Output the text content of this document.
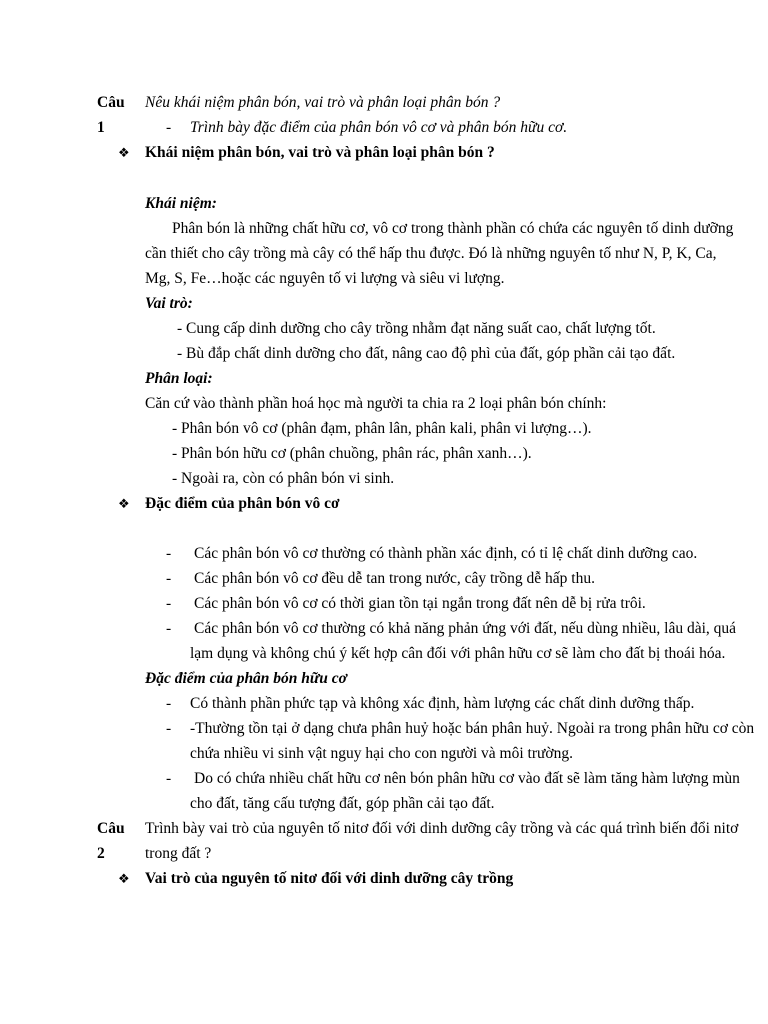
Câu
1
Nêu khái niệm phân bón, vai trò và phân loại phân bón ?
- Trình bày đặc điểm của phân bón vô cơ và phân bón hữu cơ.
❖ Khái niệm phân bón, vai trò và phân loại phân bón ?
Khái niệm:
Phân bón là những chất hữu cơ, vô cơ trong thành phần có chứa các nguyên tố dinh dưỡng
cần thiết cho cây trồng mà cây có thể hấp thu được. Đó là những nguyên tố như N, P, K, Ca,
Mg, S, Fe…hoặc các nguyên tố vi lượng và siêu vi lượng.
Vai trò:
- Cung cấp dinh dưỡng cho cây trồng nhằm đạt năng suất cao, chất lượng tốt.
- Bù đắp chất dinh dưỡng cho đất, nâng cao độ phì của đất, góp phần cải tạo đất.
Phân loại:
Căn cứ vào thành phần hoá học mà người ta chia ra 2 loại phân bón chính:
- Phân bón vô cơ (phân đạm, phân lân, phân kali, phân vi lượng…).
- Phân bón hữu cơ (phân chuồng, phân rác, phân xanh…).
- Ngoài ra, còn có phân bón vi sinh.
❖ Đặc điểm của phân bón vô cơ
- Các phân bón vô cơ thường có thành phần xác định, có tỉ lệ chất dinh dưỡng cao.
- Các phân bón vô cơ đều dễ tan trong nước, cây trồng dễ hấp thu.
- Các phân bón vô cơ có thời gian tồn tại ngắn trong đất nên dễ bị rửa trôi.
- Các phân bón vô cơ thường có khả năng phản ứng với đất, nếu dùng nhiều, lâu dài, quá
lạm dụng và không chú ý kết hợp cân đối với phân hữu cơ sẽ làm cho đất bị thoái hóa.
Đặc điểm của phân bón hữu cơ
- Có thành phần phức tạp và không xác định, hàm lượng các chất dinh dưỡng thấp.
- -Thường tồn tại ở dạng chưa phân huỷ hoặc bán phân huỷ. Ngoài ra trong phân hữu cơ còn
chứa nhiều vi sinh vật nguy hại cho con người và môi trường.
- Do có chứa nhiều chất hữu cơ nên bón phân hữu cơ vào đất sẽ làm tăng hàm lượng mùn
cho đất, tăng cấu tượng đất, góp phần cải tạo đất.
Câu
2
Trình bày vai trò của nguyên tố nitơ đối với dinh dưỡng cây trồng và các quá trình biến đổi nitơ
trong đất ?
❖ Vai trò của nguyên tố nitơ đối với dinh dưỡng cây trồng
